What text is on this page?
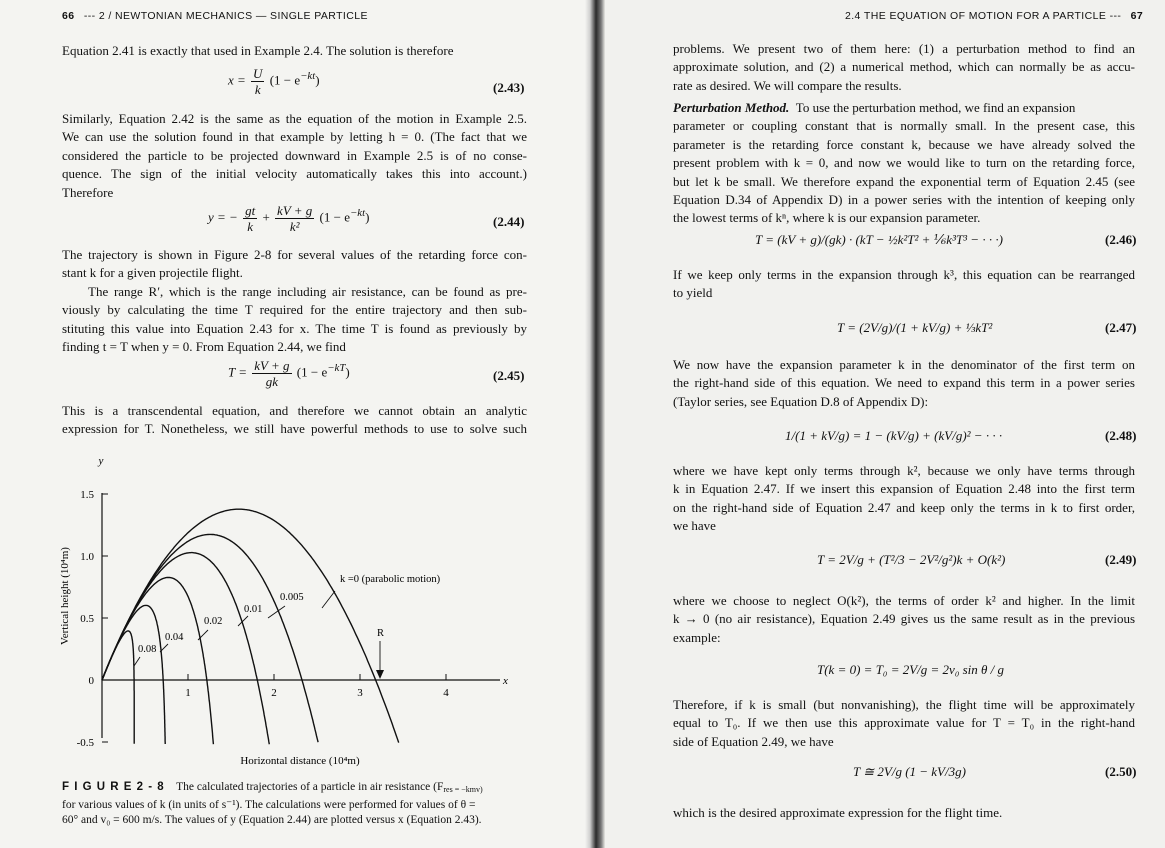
66 --- 2 / NEWTONIAN MECHANICS — SINGLE PARTICLE
Equation 2.41 is exactly that used in Example 2.4. The solution is therefore
$x = \frac{U}{k} (1 - e^{-kt})$
(2.43)
Similarly, Equation 2.42 is the same as the equation of the motion in Example 2.5.
We can use the solution found in that example by letting h = 0. (The fact that we
considered the particle to be projected downward in Example 2.5 is of no conse-
quence. The sign of the initial velocity automatically takes this into account.)
Therefore
y = − $\frac{gt}{k} + \frac{kV + g}{\text{k²}} (1 - e^{-kt})$	(2.44)
The trajectory is shown in Figure 2-8 for several values of the retarding force con-
stant k for a given projectile flight.
The range R′, which is the range including air resistance, can be found as pre-
viously by calculating the time T required for the entire trajectory and then sub-
stituting this value into Equation 2.43 for x. The time T is found as previously by
finding t = T when y = 0. From Equation 2.44, we find
$T = \frac{kV + g}{gk} (1 - e^{-kT})$	(2.45)
This is a transcendental equation, and therefore we cannot obtain an analytic
expression for T. Nonetheless, we still have powerful methods to use to solve such
1.5
1.0
0.5
0
-0.5
1	2	3	4
k =0 (parabolic motion)
0.005
0.01
0.02
0.04
0.08
R
y
x
Vertical height (10⁴m)
Horizontal distance (10⁴m)
F I G U R E 2 - 8 The calculated trajectories of a particle in air resistance (Fres = −kmv)
for various values of k (in units of s⁻¹). The calculations were performed for values of θ =
60° and v₀ = 600 m/s. The values of y (Equation 2.44) are plotted versus x (Equation 2.43).
2.4 THE EQUATION OF MOTION FOR A PARTICLE --- 67
problems. We present two of them here: (1) a perturbation method to find an
approximate solution, and (2) a numerical method, which can normally be as accu-
rate as desired. We will compare the results.
Perturbation Method. To use the perturbation method, we find an expansion
parameter or coupling constant that is normally small. In the present case, this
parameter is the retarding force constant k, because we have already solved the
present problem with k = 0, and now we would like to turn on the retarding force,
but let k be small. We therefore expand the exponential term of Equation 2.45 (see
Equation D.34 of Appendix D) in a power series with the intention of keeping only
the lowest terms of kⁿ, where k is our expansion parameter.
T = (kV + g)/(gk) · (kT − ½k²T² + ⅙k³T³ − · · ·)	(2.46)
If we keep only terms in the expansion through k³, this equation can be rearranged
to yield
T = (2V/g)/(1 + kV/g) + ⅓kT²	(2.47)
We now have the expansion parameter k in the denominator of the first term on
the right-hand side of this equation. We need to expand this term in a power series
(Taylor series, see Equation D.8 of Appendix D):
1/(1 + kV/g) = 1 − (kV/g) + (kV/g)² − · · ·	(2.48)
where we have kept only terms through k², because we only have terms through
k in Equation 2.47. If we insert this expansion of Equation 2.48 into the first term
on the right-hand side of Equation 2.47 and keep only the terms in k to first order,
we have
T = 2V/g + (T²/3 − 2V²/g²)k + O(k²)	(2.49)
where we choose to neglect O(k²), the terms of order k² and higher. In the limit
k → 0 (no air resistance), Equation 2.49 gives us the same result as in the previous
example:
T(k = 0) = T₀ = 2V/g = 2v₀ sin θ / g
Therefore, if k is small (but nonvanishing), the flight time will be approximately
equal to T₀. If we then use this approximate value for T = T₀ in the right-hand
side of Equation 2.49, we have
T ≅ 2V/g (1 − kV/3g)	(2.50)
which is the desired approximate expression for the flight time.
